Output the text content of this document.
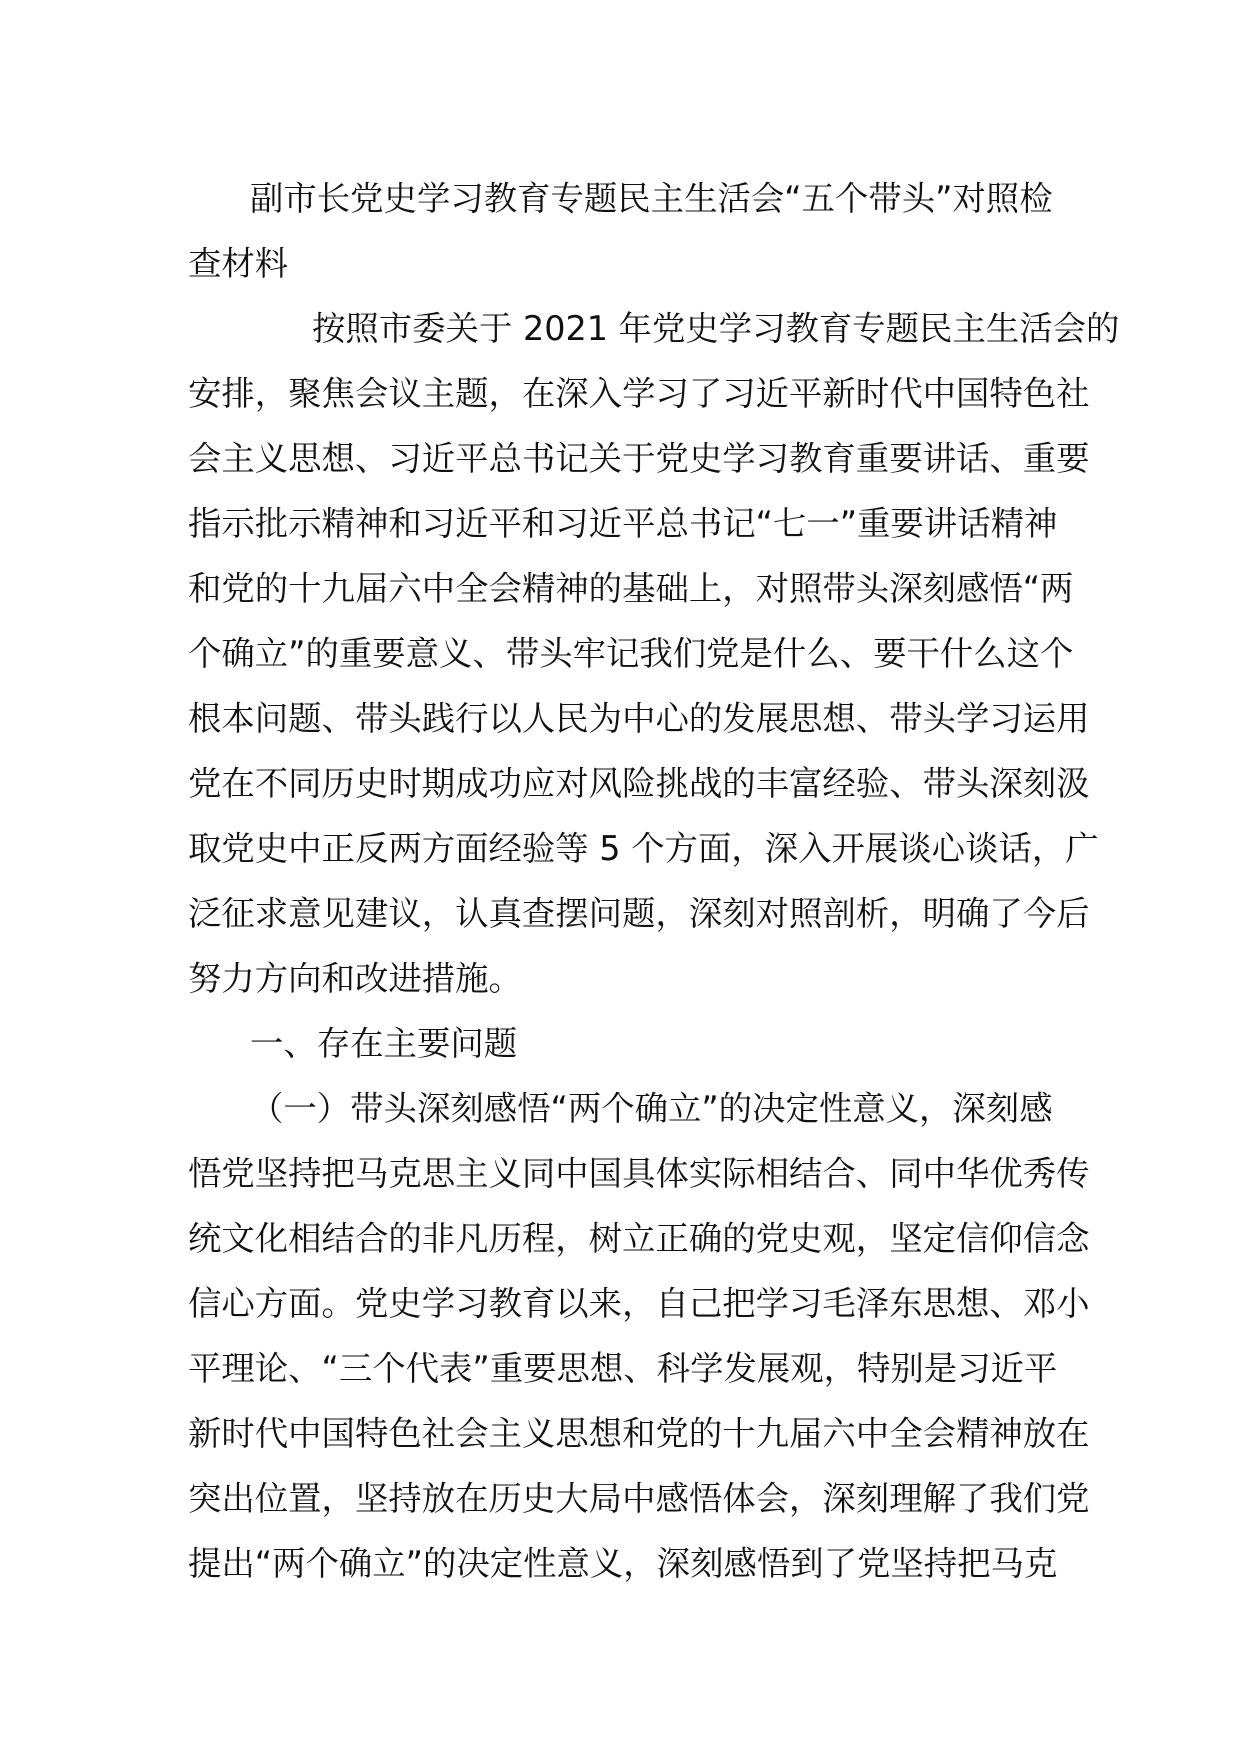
副市长党史学习教育专题民主生活会“五个带头”对照检
查材料
按照市委关于 2021 年党史学习教育专题民主生活会的
安排，聚焦会议主题，在深入学习了习近平新时代中国特色社
会主义思想、习近平总书记关于党史学习教育重要讲话、重要
指示批示精神和习近平和习近平总书记“七一”重要讲话精神
和党的十九届六中全会精神的基础上，对照带头深刻感悟“两
个确立”的重要意义、带头牢记我们党是什么、要干什么这个
根本问题、带头践行以人民为中心的发展思想、带头学习运用
党在不同历史时期成功应对风险挑战的丰富经验、带头深刻汲
取党史中正反两方面经验等 5 个方面，深入开展谈心谈话，广
泛征求意见建议，认真查摆问题，深刻对照剖析，明确了今后
努力方向和改进措施。
一、存在主要问题
（一）带头深刻感悟“两个确立”的决定性意义，深刻感
悟党坚持把马克思主义同中国具体实际相结合、同中华优秀传
统文化相结合的非凡历程，树立正确的党史观，坚定信仰信念
信心方面。党史学习教育以来，自己把学习毛泽东思想、邓小
平理论、“三个代表”重要思想、科学发展观，特别是习近平
新时代中国特色社会主义思想和党的十九届六中全会精神放在
突出位置，坚持放在历史大局中感悟体会，深刻理解了我们党
提出“两个确立”的决定性意义，深刻感悟到了党坚持把马克
